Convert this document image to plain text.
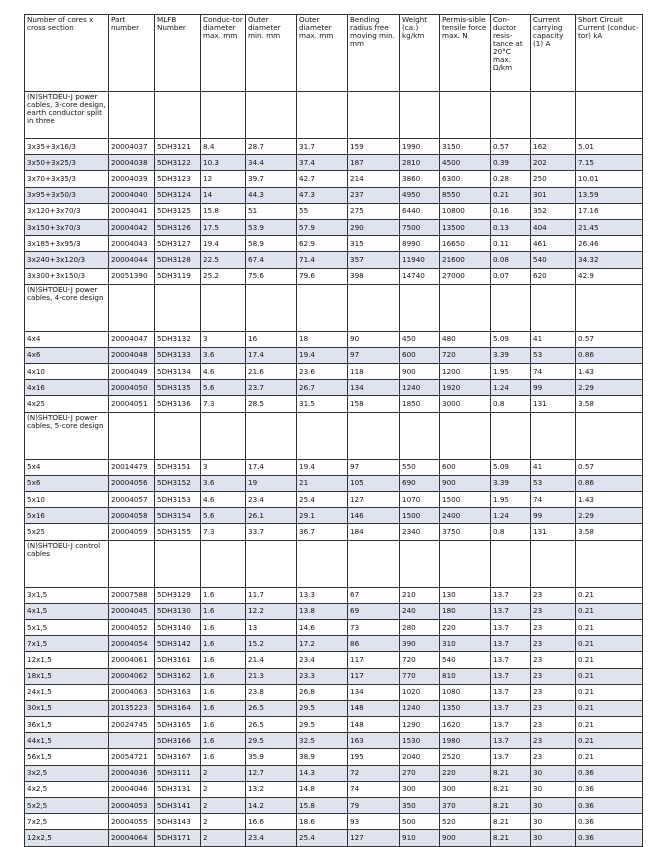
Number of cores x cross section	Part number	MLFB Number	Conduc-tor diameter max. mm	Outer diameter min. mm	Outer diameter max. mm	Bending radius free moving min. mm	Weight (ca.) kg/km	Permis-sible tensile force max. N	Con-ductor resis-tance at 20°C max. Ω/km	Current carrying capacity (1) A	Short Circuit Current (conduc-tor) kA
(N)SHTOEU-J power cables, 3-core design, earth conductor split in three											
3x35+3x16/3	20004037	5DH3121	8.4	28.7	31.7	159	1990	3150	0.57	162	5.01
3x50+3x25/3	20004038	5DH3122	10.3	34.4	37.4	187	2810	4500	0.39	202	7.15
3x70+3x35/3	20004039	5DH3123	12	39.7	42.7	214	3860	6300	0.28	250	10.01
3x95+3x50/3	20004040	5DH3124	14	44.3	47.3	237	4950	8550	0.21	301	13.59
3x120+3x70/3	20004041	5DH3125	15.8	51	55	275	6440	10800	0.16	352	17.16
3x150+3x70/3	20004042	5DH3126	17.5	53.9	57.9	290	7500	13500	0.13	404	21.45
3x185+3x95/3	20004043	5DH3127	19.4	58.9	62.9	315	8990	16650	0.11	461	26.46
3x240+3x120/3	20004044	5DH3128	22.5	67.4	71.4	357	11940	21600	0.08	540	34.32
3x300+3x150/3	20051390	5DH3119	25.2	75.6	79.6	398	14740	27000	0.07	620	42.9
(N)SHTOEU-J power cables, 4-core design											
4x4	20004047	5DH3132	3	16	18	90	450	480	5.09	41	0.57
4x6	20004048	5DH3133	3.6	17.4	19.4	97	600	720	3.39	53	0.86
4x10	20004049	5DH3134	4.6	21.6	23.6	118	900	1200	1.95	74	1.43
4x16	20004050	5DH3135	5.6	23.7	26.7	134	1240	1920	1.24	99	2.29
4x25	20004051	5DH3136	7.3	28.5	31.5	158	1850	3000	0.8	131	3.58
(N)SHTOEU-J power cables, 5-core design											
5x4	20014479	5DH3151	3	17.4	19.4	97	550	600	5.09	41	0.57
5x6	20004056	5DH3152	3.6	19	21	105	690	900	3.39	53	0.86
5x10	20004057	5DH3153	4.6	23.4	25.4	127	1070	1500	1.95	74	1.43
5x16	20004058	5DH3154	5.6	26.1	29.1	146	1500	2400	1.24	99	2.29
5x25	20004059	5DH3155	7.3	33.7	36.7	184	2340	3750	0.8	131	3.58
(N)SHTOEU-J control cables											
3x1,5	20007588	5DH3129	1.6	11.7	13.3	67	210	130	13.7	23	0.21
4x1,5	20004045	5DH3130	1.6	12.2	13.8	69	240	180	13.7	23	0.21
5x1,5	20004052	5DH3140	1.6	13	14.6	73	280	220	13.7	23	0.21
7x1,5	20004054	5DH3142	1.6	15.2	17.2	86	390	310	13.7	23	0.21
12x1,5	20004061	5DH3161	1.6	21.4	23.4	117	720	540	13.7	23	0.21
18x1,5	20004062	5DH3162	1.6	21.3	23.3	117	770	810	13.7	23	0.21
24x1,5	20004063	5DH3163	1.6	23.8	26.8	134	1020	1080	13.7	23	0.21
30x1,5	20135223	5DH3164	1.6	26.5	29.5	148	1240	1350	13.7	23	0.21
36x1,5	20024745	5DH3165	1.6	26.5	29.5	148	1290	1620	13.7	23	0.21
44x1,5		5DH3166	1.6	29.5	32.5	163	1530	1980	13.7	23	0.21
56x1,5	20054721	5DH3167	1.6	35.9	38.9	195	2040	2520	13.7	23	0.21
3x2,5	20004036	5DH3111	2	12.7	14.3	72	270	220	8.21	30	0.36
4x2,5	20004046	5DH3131	2	13.2	14.8	74	300	300	8.21	30	0.36
5x2,5	20004053	5DH3141	2	14.2	15.8	79	350	370	8.21	30	0.36
7x2,5	20004055	5DH3143	2	16.6	18.6	93	500	520	8.21	30	0.36
12x2,5	20004064	5DH3171	2	23.4	25.4	127	910	900	8.21	30	0.36
